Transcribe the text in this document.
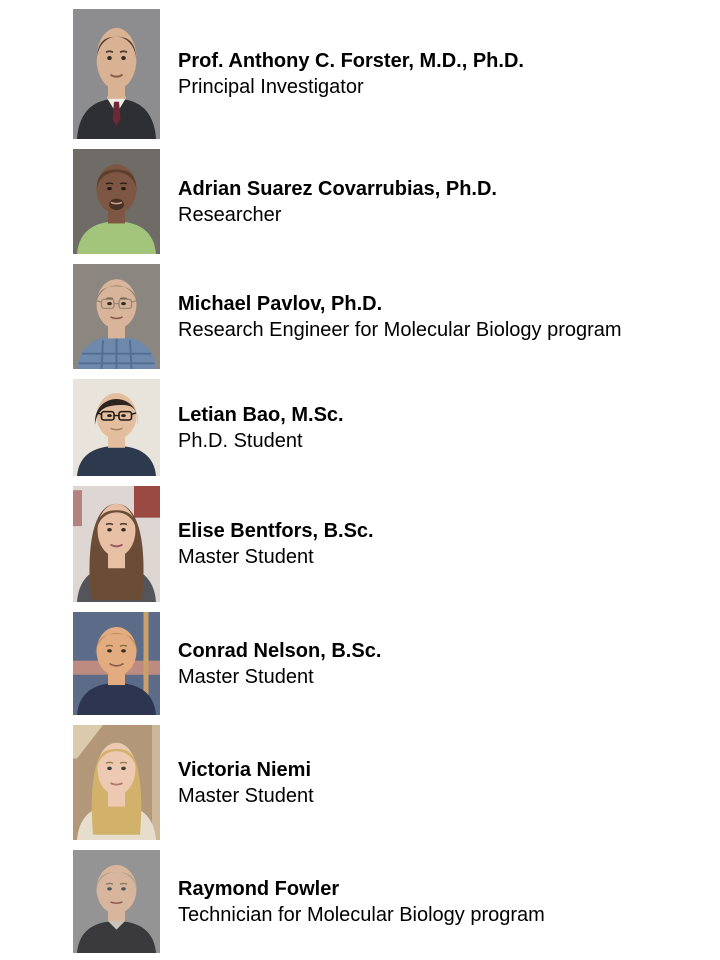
Prof. Anthony C. Forster, M.D., Ph.D.
Principal Investigator
Adrian Suarez Covarrubias, Ph.D.
Researcher
Michael Pavlov, Ph.D.
Research Engineer for Molecular Biology program
Letian Bao, M.Sc.
Ph.D. Student
Elise Bentfors, B.Sc.
Master Student
Conrad Nelson, B.Sc.
Master Student
Victoria Niemi
Master Student
Raymond Fowler
Technician for Molecular Biology program
